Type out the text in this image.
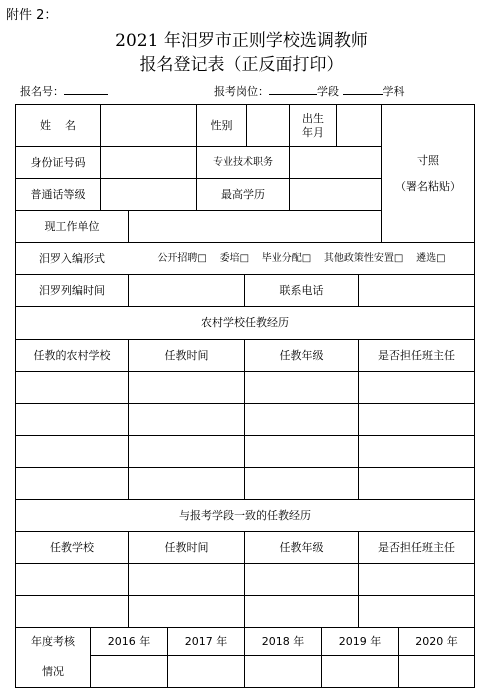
附件 2：
2021 年汨罗市正则学校选调教师
报名登记表（正反面打印）
报名号：	报考岗位：	学段	学科
姓    名	性别
出生
年月
寸照
（署名粘贴）
身份证号码	专业技术职务
普通话等级	最高学历
现工作单位
汨罗入编形式	公开招聘□    委培□    毕业分配□    其他政策性安置□    遴选□
汨罗列编时间	联系电话
农村学校任教经历
任教的农村学校	任教时间	任教年级	是否担任班主任
与报考学段一致的任教经历
任教学校	任教时间	任教年级	是否担任班主任
年度考核
情况
2016 年	2017 年	2018 年	2019 年	2020 年
